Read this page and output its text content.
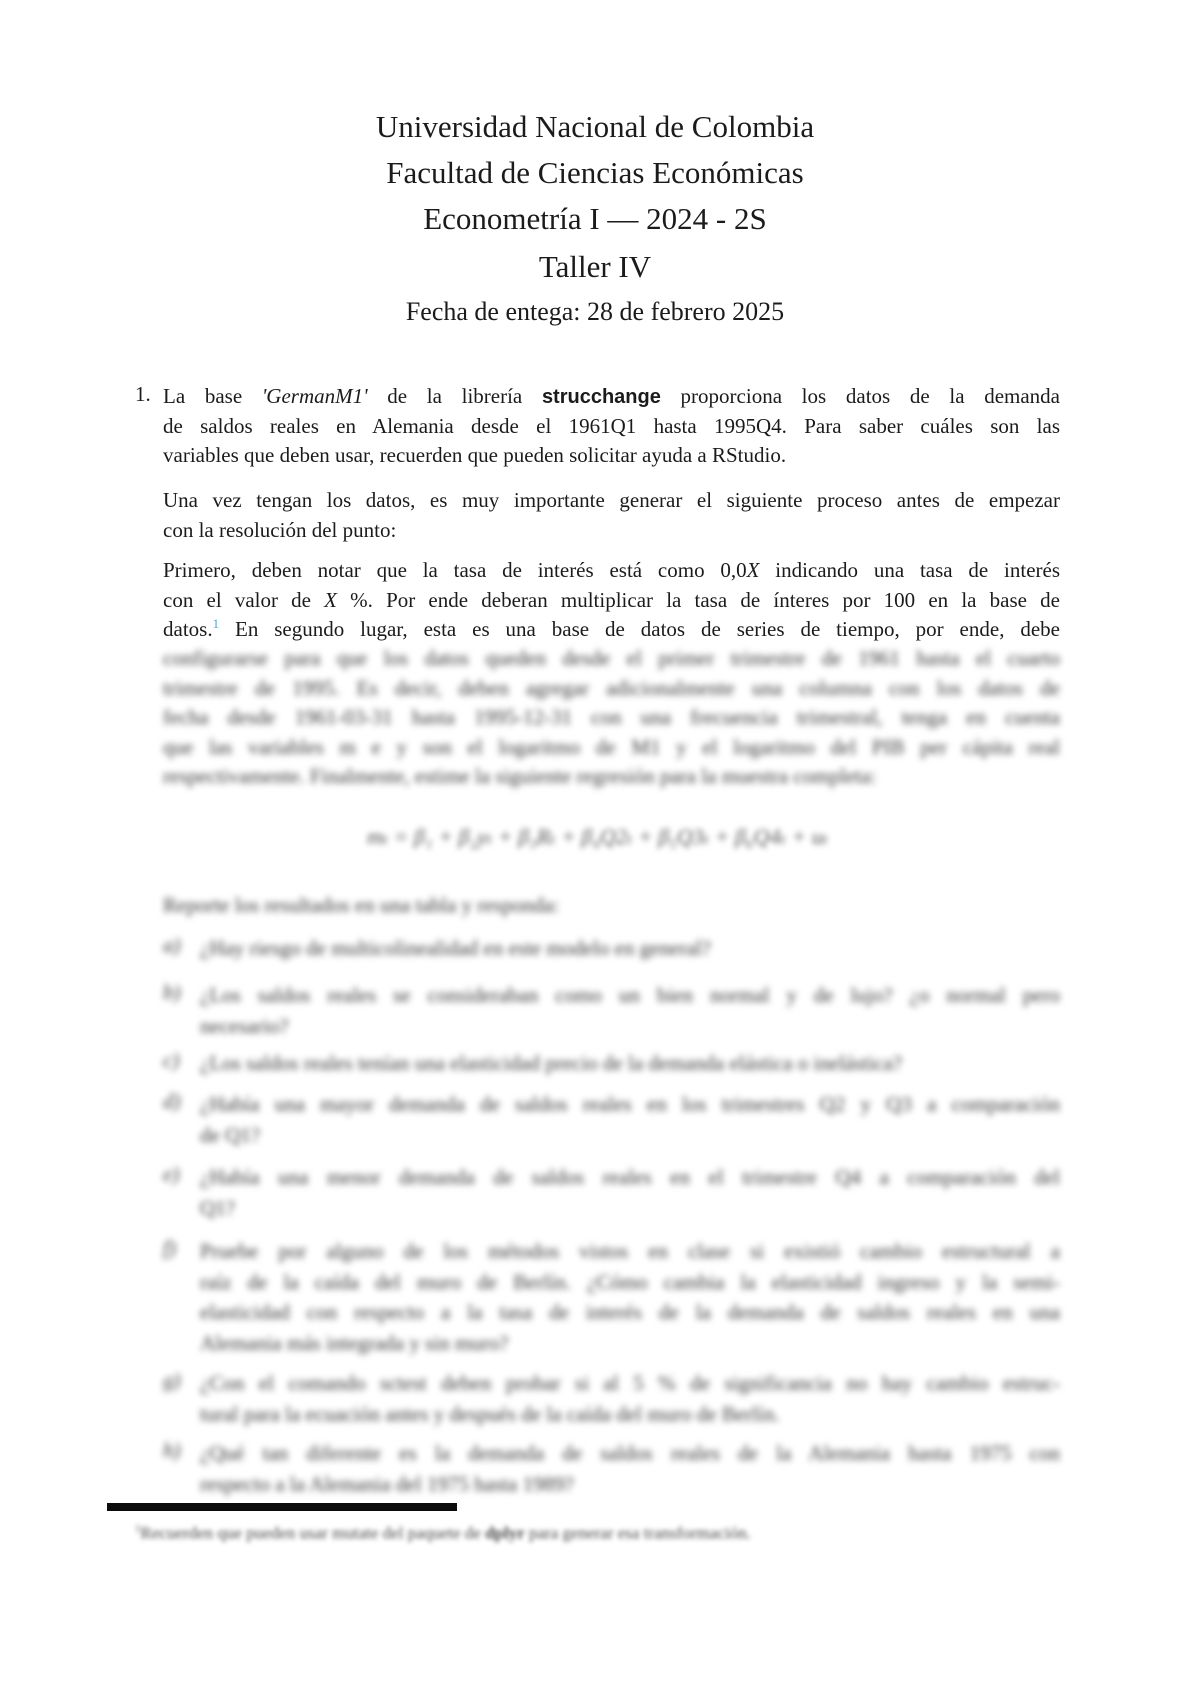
Universidad Nacional de Colombia
Facultad de Ciencias Económicas
Econometría I — 2024 - 2S
Taller IV
Fecha de entega: 28 de febrero 2025
1. La base 'GermanM1' de la librería strucchange proporciona los datos de la demanda
de saldos reales en Alemania desde el 1961Q1 hasta 1995Q4. Para saber cuáles son las
variables que deben usar, recuerden que pueden solicitar ayuda a RStudio.
Una vez tengan los datos, es muy importante generar el siguiente proceso antes de empezar
con la resolución del punto:
Primero, deben notar que la tasa de interés está como 0,0X indicando una tasa de interés
con el valor de X %. Por ende deberan multiplicar la tasa de ínteres por 100 en la base de
datos.$^1$ En segundo lugar, esta es una base de datos de series de tiempo, por ende, debe
configurarse para que los datos queden desde el primer trimestre de 1961 hasta el cuarto
trimestre de 1995. Es decir, deben agregar adicionalmente una columna con los datos de
fecha desde 1961-03-31 hasta 1995-12-31 con una frecuencia trimestral, tenga en cuenta
que las variables m e y son el logaritmo de M1 y el logaritmo del PIB per cápita real
respectivamente. Finalmente, estime la siguiente regresión para la muestra completa:
mₜ = β₁ + β₂yₜ + β₃Rₜ + β₄Q2ₜ + β₅Q3ₜ + β₆Q4ₜ + uₜ
Reporte los resultados en una tabla y responda:
a) ¿Hay riesgo de multicolinealidad en este modelo en general?
b) ¿Los saldos reales se consideraban como un bien normal y de lujo? ¿o normal pero
necesario?
c) ¿Los saldos reales tenían una elasticidad precio de la demanda elástica o inelástica?
d) ¿Había una mayor demanda de saldos reales en los trimestres Q2 y Q3 a comparación
de Q1?
e) ¿Había una menor demanda de saldos reales en el trimestre Q4 a comparación del
Q1?
f)	Pruebe por alguno de los métodos vistos en clase si existió cambio estructural a
raíz de la caída del muro de Berlín. ¿Cómo cambia la elasticidad ingreso y la semi-
elasticidad con respecto a la tasa de interés de la demanda de saldos reales en una
Alemania más integrada y sin muro?
g) ¿Con el comando sctest deben probar si al 5 % de significancia no hay cambio estruc-
tural para la ecuación antes y después de la caída del muro de Berlín.
h) ¿Qué tan diferente es la demanda de saldos reales de la Alemania hasta 1975 con
respecto a la Alemania del 1975 hasta 1989?
$^1$Recuerden que pueden usar mutate del paquete de dplyr para generar esa transformación.
